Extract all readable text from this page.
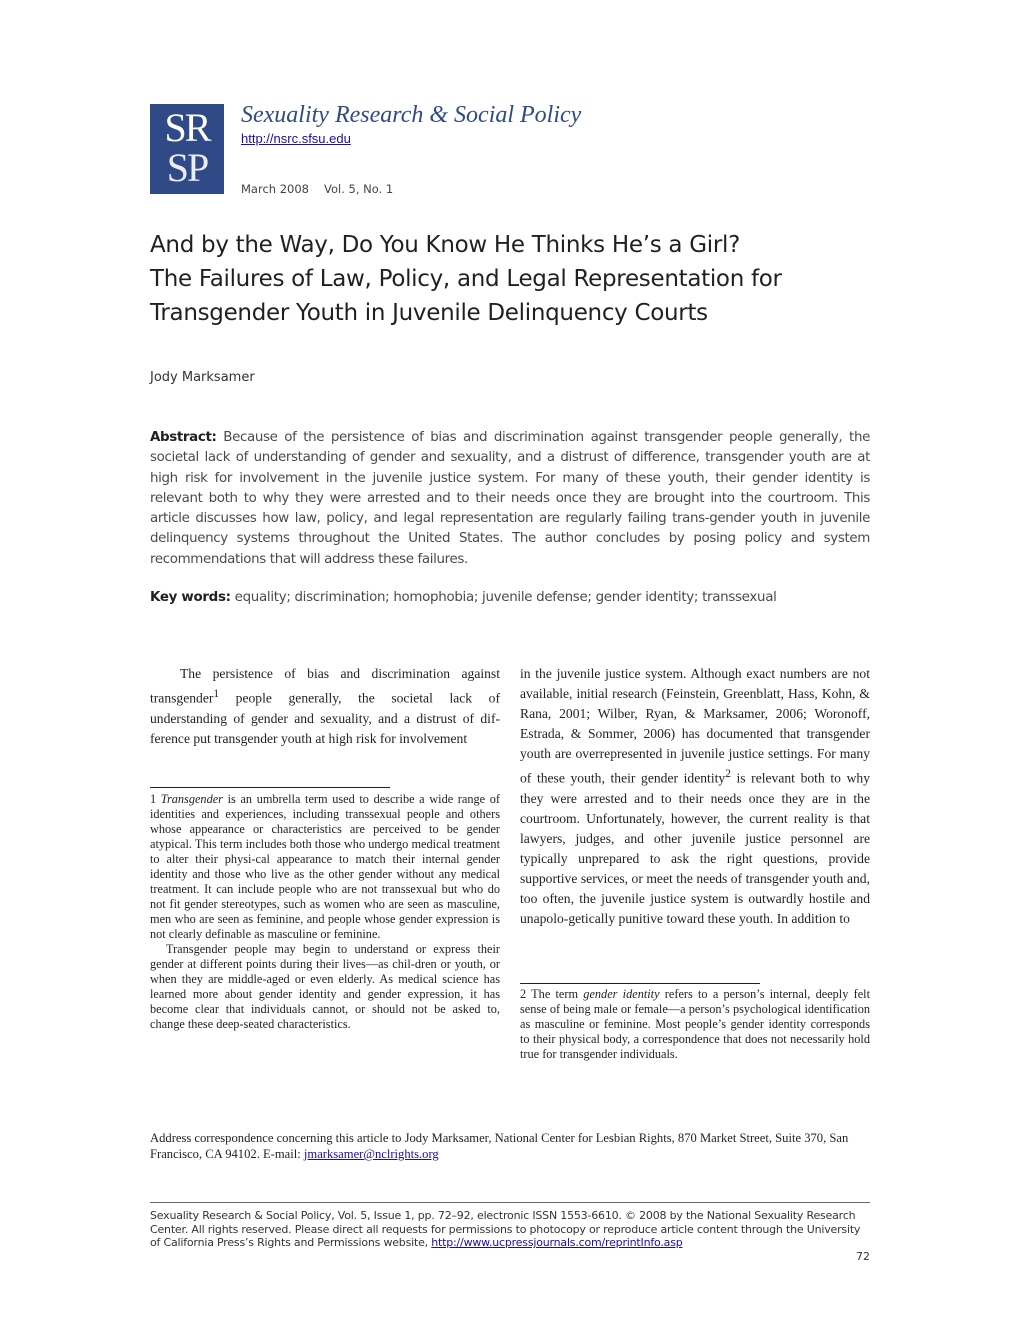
SR
SP
Sexuality Research & Social Policy
http://nsrc.sfsu.edu
March 2008 Vol. 5, No. 1
And by the Way, Do You Know He Thinks He’s a Girl?
The Failures of Law, Policy, and Legal Representation for
Transgender Youth in Juvenile Delinquency Courts
Jody Marksamer
Abstract: Because of the persistence of bias and discrimination against transgender people generally, the societal lack of understanding of gender and sexuality, and a distrust of difference, transgender youth are at high risk for involvement in the juvenile justice system. For many of these youth, their gender identity is relevant both to why they were arrested and to their needs once they are brought into the courtroom. This article discusses how law, policy, and legal representation are regularly failing trans-gender youth in juvenile delinquency systems throughout the United States. The author concludes by posing policy and system recommendations that will address these failures.
Key words: equality; discrimination; homophobia; juvenile defense; gender identity; transsexual
The persistence of bias and discrimination against transgender$^1$ people generally, the societal lack of understanding of gender and sexuality, and a distrust of dif-ference put transgender youth at high risk for involvement
in the juvenile justice system. Although exact numbers are not available, initial research (Feinstein, Greenblatt, Hass, Kohn, & Rana, 2001; Wilber, Ryan, & Marksamer, 2006; Woronoff, Estrada, & Sommer, 2006) has documented that transgender youth are overrepresented in juvenile justice settings. For many of these youth, their gender identity$^2$ is relevant both to why they were arrested and to their needs once they are in the courtroom. Unfortunately, however, the current reality is that lawyers, judges, and other juvenile justice personnel are typically unprepared to ask the right questions, provide supportive services, or meet the needs of transgender youth and, too often, the juvenile justice system is outwardly hostile and unapolo-getically punitive toward these youth. In addition to

1 Transgender is an umbrella term used to describe a wide range of identities and experiences, including transsexual people and others whose appearance or characteristics are perceived to be gender atypical. This term includes both those who undergo medical treatment to alter their physi-cal appearance to match their internal gender identity and those who live as the other gender without any medical treatment. It can include people who are not transsexual but who do not fit gender stereotypes, such as women who are seen as masculine, men who are seen as feminine, and people whose gender expression is not clearly definable as masculine or feminine.

Transgender people may begin to understand or express their gender at different points during their lives—as chil-dren or youth, or when they are middle-aged or even elderly. As medical science has learned more about gender identity and gender expression, it has become clear that individuals cannot, or should not be asked to, change these deep-seated characteristics.

2 The term gender identity refers to a person’s internal, deeply felt sense of being male or female—a person’s psychological identification as masculine or feminine. Most people’s gender identity corresponds to their physical body, a correspondence that does not necessarily hold true for transgender individuals.
Address correspondence concerning this article to Jody Marksamer, National Center for Lesbian Rights, 870 Market Street, Suite 370, San Francisco, CA 94102. E-mail: jmarksamer@nclrights.org
Sexuality Research & Social Policy, Vol. 5, Issue 1, pp. 72–92, electronic ISSN 1553-6610. © 2008 by the National Sexuality Research Center. All rights reserved. Please direct all requests for permissions to photocopy or reproduce article content through the University of California Press’s Rights and Permissions website, http://www.ucpressjournals.com/reprintInfo.asp
72
